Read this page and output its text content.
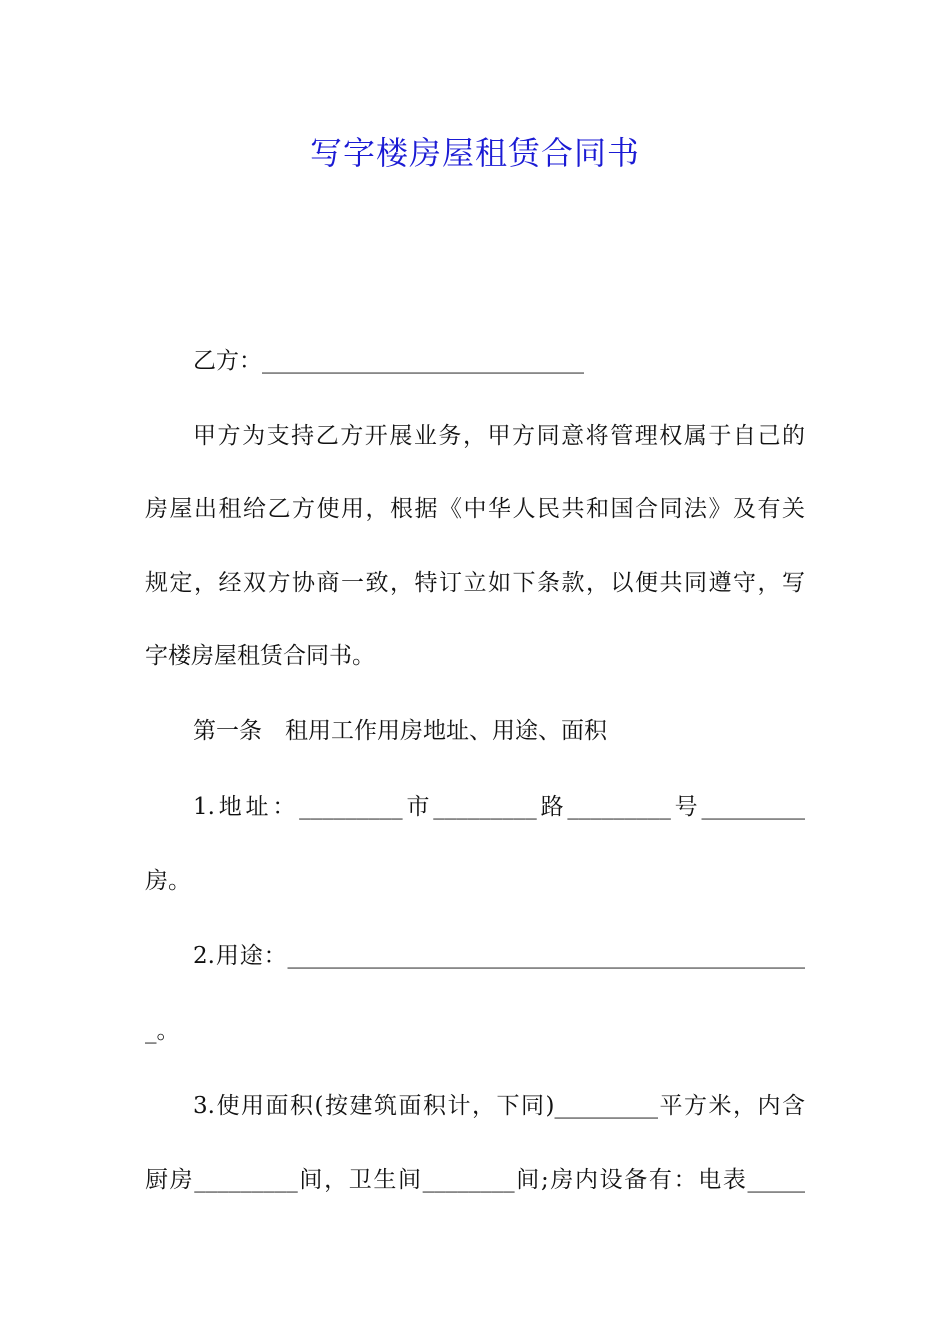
写字楼房屋租赁合同书
乙方：____________________________
甲方为支持乙方开展业务，甲方同意将管理权属于自己的
房屋出租给乙方使用，根据《中华人民共和国合同法》及有关
规定，经双方协商一致，特订立如下条款，以便共同遵守，写
字楼房屋租赁合同书。
第一条　租用工作用房地址、用途、面积
1.地址：_________市_________路_________号_________
房。
2.用途：_____________________________________________
_。
3.使用面积(按建筑面积计，下同)_________平方米，内含
厨房_________间，卫生间________间;房内设备有：电表_____
